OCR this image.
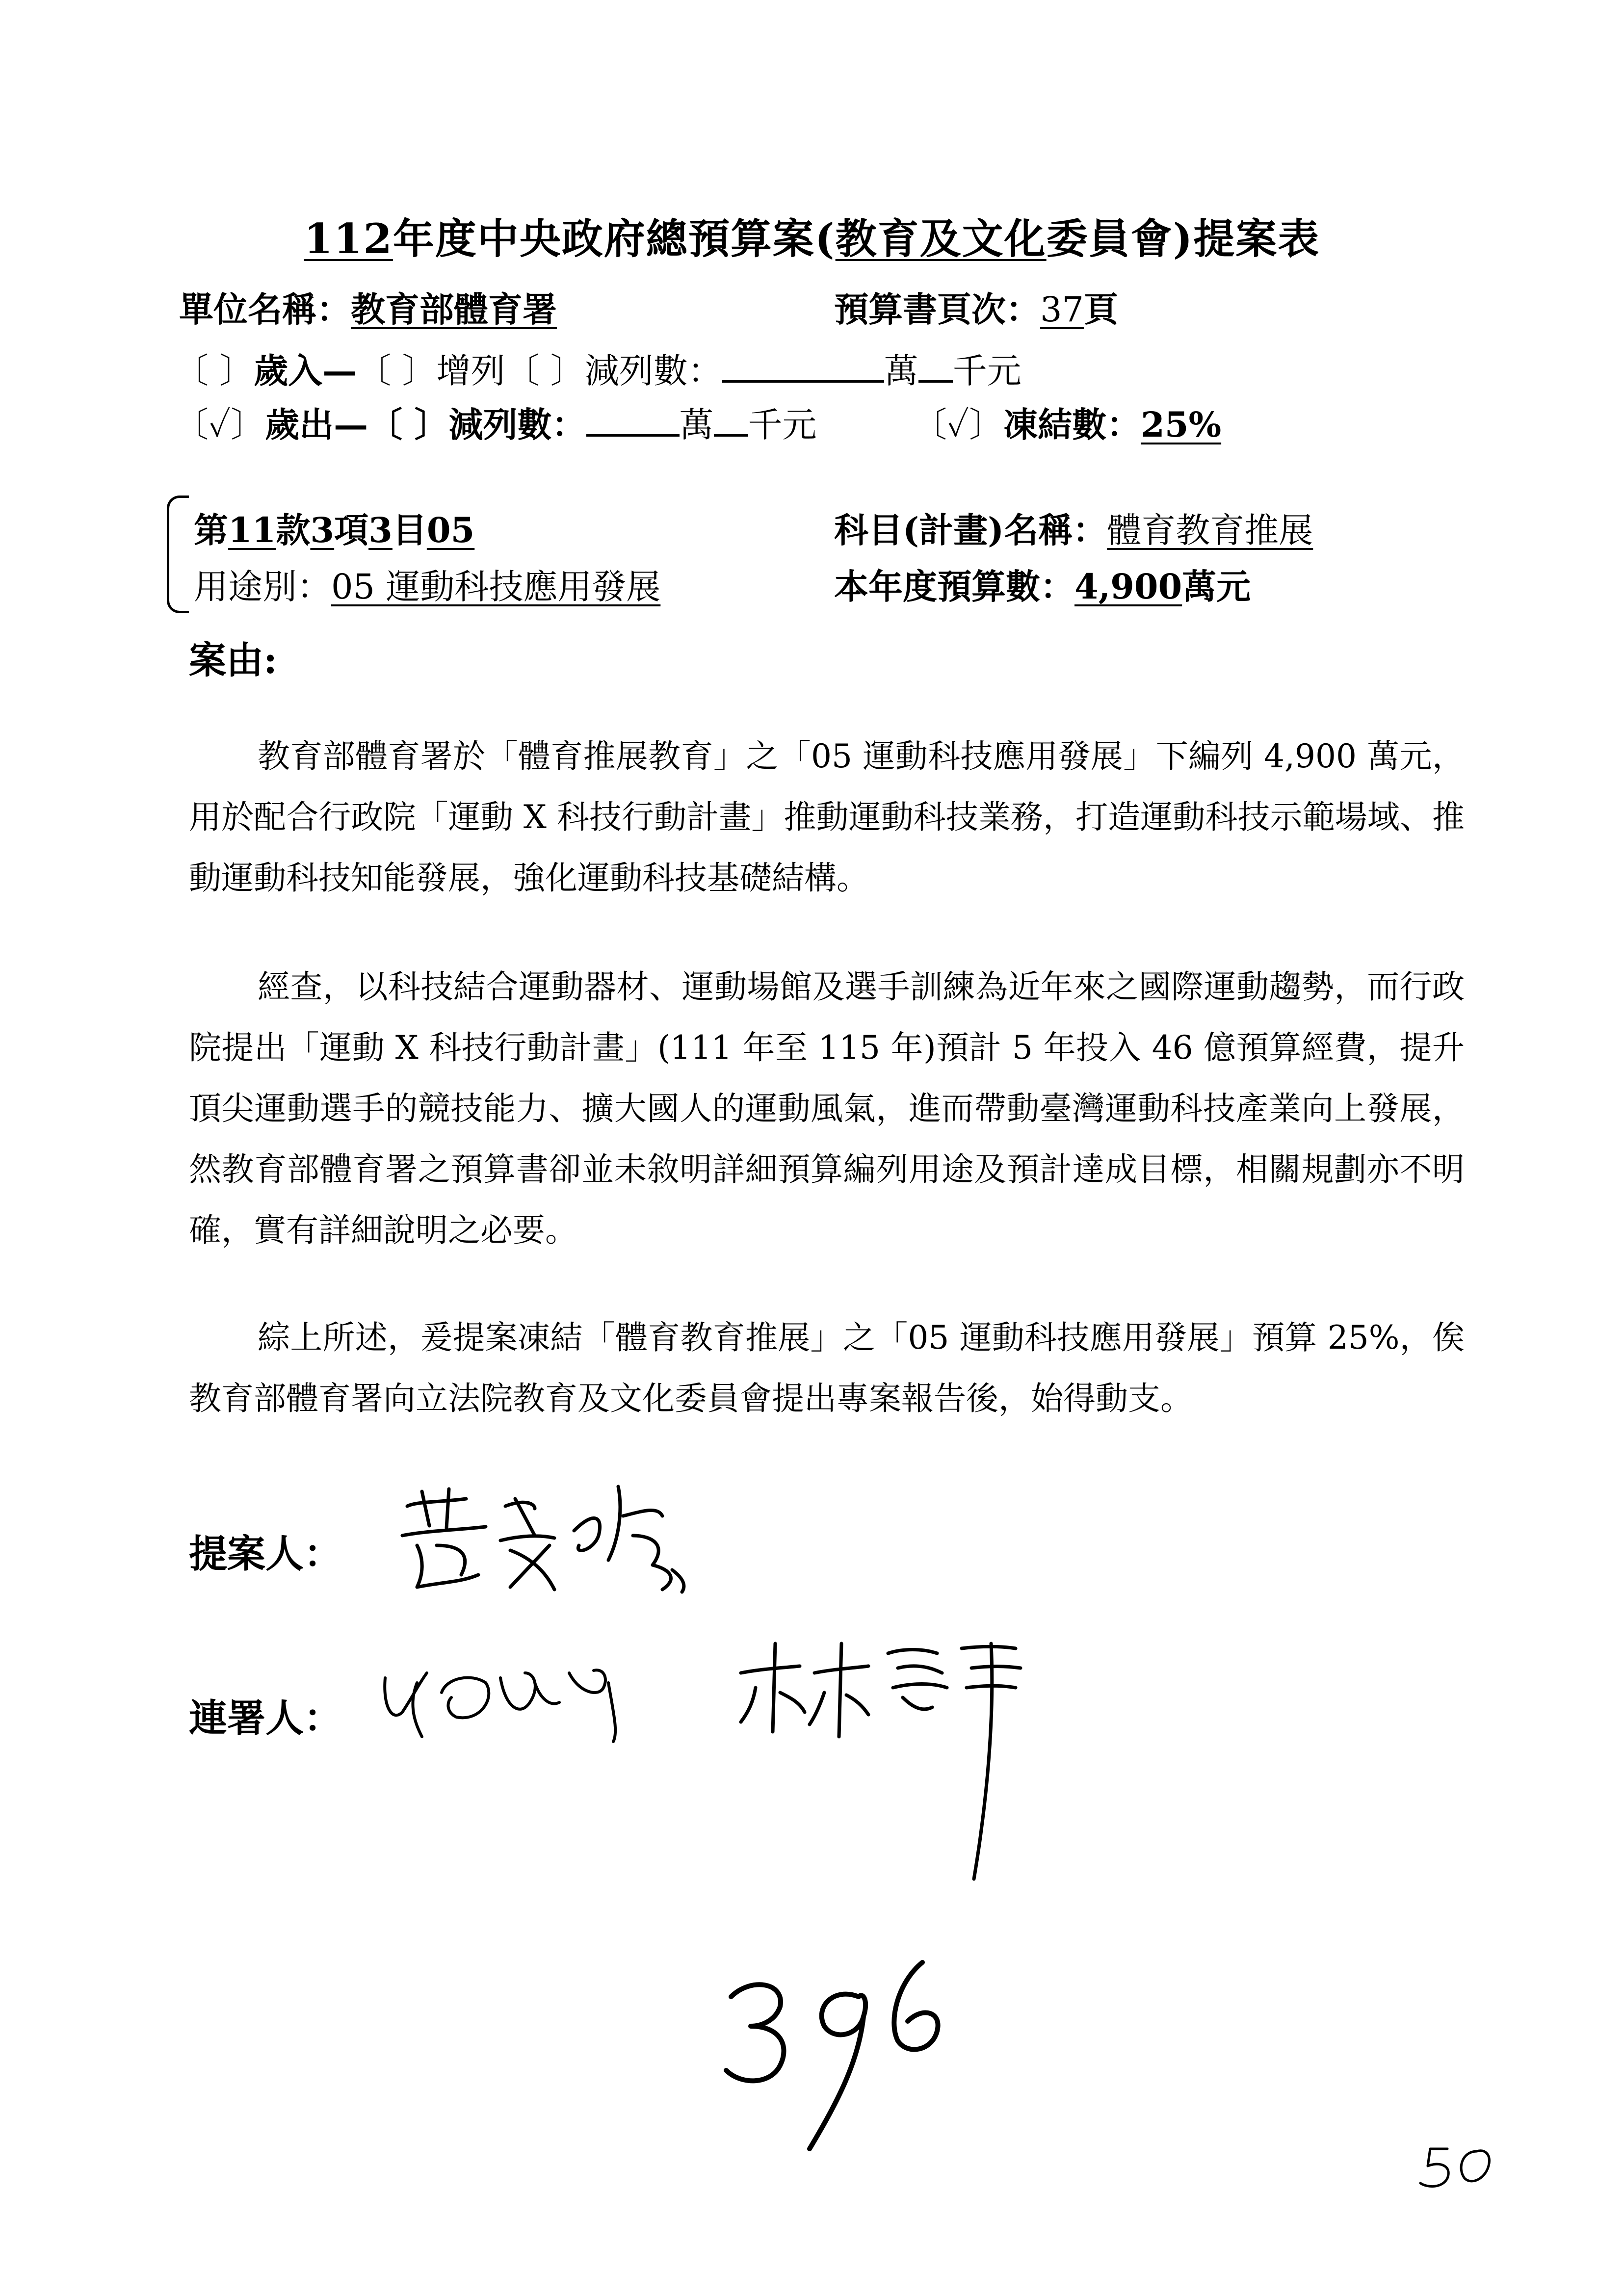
112年度中央政府總預算案(教育及文化委員會)提案表
單位名稱：教育部體育署	預算書頁次：37頁
〔 〕歲入—〔 〕增列〔 〕減列數：	萬 千元
〔✓〕歲出—〔 〕減列數：	萬 千元	〔✓〕凍結數：25%
第11款3項3目05	科目(計畫)名稱：體育教育推展
用途別：05 運動科技應用發展	本年度預算數：4,900萬元
案由:
教育部體育署於「體育推展教育」之「05 運動科技應用發展」下編列 4,900 萬元，用於配合行政院「運動 X 科技行動計畫」推動運動科技業務，打造運動科技示範場域、推動運動科技知能發展，強化運動科技基礎結構。
經查，以科技結合運動器材、運動場館及選手訓練為近年來之國際運動趨勢，而行政院提出「運動 X 科技行動計畫」(111 年至 115 年)預計 5 年投入 46 億預算經費，提升頂尖運動選手的競技能力、擴大國人的運動風氣，進而帶動臺灣運動科技產業向上發展，然教育部體育署之預算書卻並未敘明詳細預算編列用途及預計達成目標，相關規劃亦不明確，實有詳細說明之必要。
綜上所述，爰提案凍結「體育教育推展」之「05 運動科技應用發展」預算 25%，俟教育部體育署向立法院教育及文化委員會提出專案報告後，始得動支。
提案人：
連署人：
